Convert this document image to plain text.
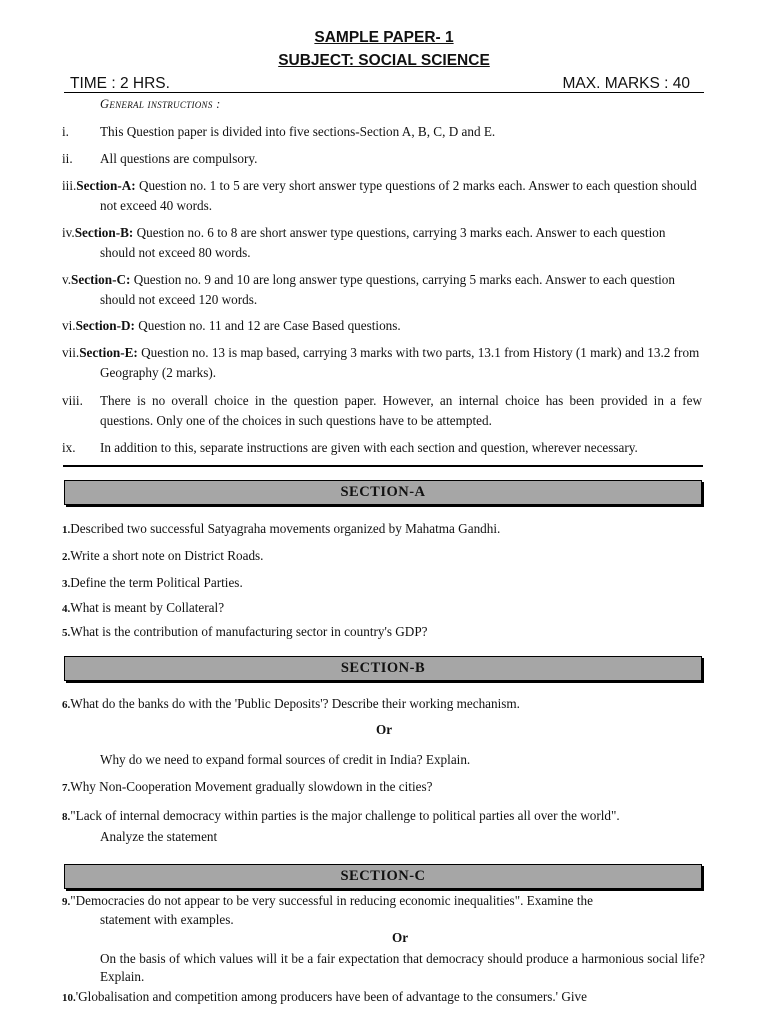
SAMPLE PAPER- 1
SUBJECT: SOCIAL SCIENCE
TIME : 2 HRS.	MAX. MARKS : 40
General instructions :
i. This Question paper is divided into five sections-Section A, B, C, D and E.
ii. All questions are compulsory.
iii.Section-A: Question no. 1 to 5 are very short answer type questions of 2 marks each. Answer to each question should not exceed 40 words.
iv.Section-B: Question no. 6 to 8 are short answer type questions, carrying 3 marks each. Answer to each question should not exceed 80 words.
v.Section-C: Question no. 9 and 10 are long answer type questions, carrying 5 marks each. Answer to each question should not exceed 120 words.
vi.Section-D: Question no. 11 and 12 are Case Based questions.
vii.Section-E: Question no. 13 is map based, carrying 3 marks with two parts, 13.1 from History (1 mark) and 13.2 from Geography (2 marks).
viii. There is no overall choice in the question paper. However, an internal choice has been provided in a few questions. Only one of the choices in such questions have to be attempted.
ix. In addition to this, separate instructions are given with each section and question, wherever necessary.
SECTION-A
1.Described two successful Satyagraha movements organized by Mahatma Gandhi.
2.Write a short note on District Roads.
3.Define the term Political Parties.
4.What is meant by Collateral?
5.What is the contribution of manufacturing sector in country's GDP?
SECTION-B
6.What do the banks do with the 'Public Deposits'? Describe their working mechanism.
Or
Why do we need to expand formal sources of credit in India? Explain.
7.Why Non-Cooperation Movement gradually slowdown in the cities?
8."Lack of internal democracy within parties is the major challenge to political parties all over the world".
Analyze the statement
SECTION-C
9."Democracies do not appear to be very successful in reducing economic inequalities". Examine the
statement with examples.
Or
On the basis of which values will it be a fair expectation that democracy should produce a harmonious social life? Explain.
10.'Globalisation and competition among producers have been of advantage to the consumers.' Give
